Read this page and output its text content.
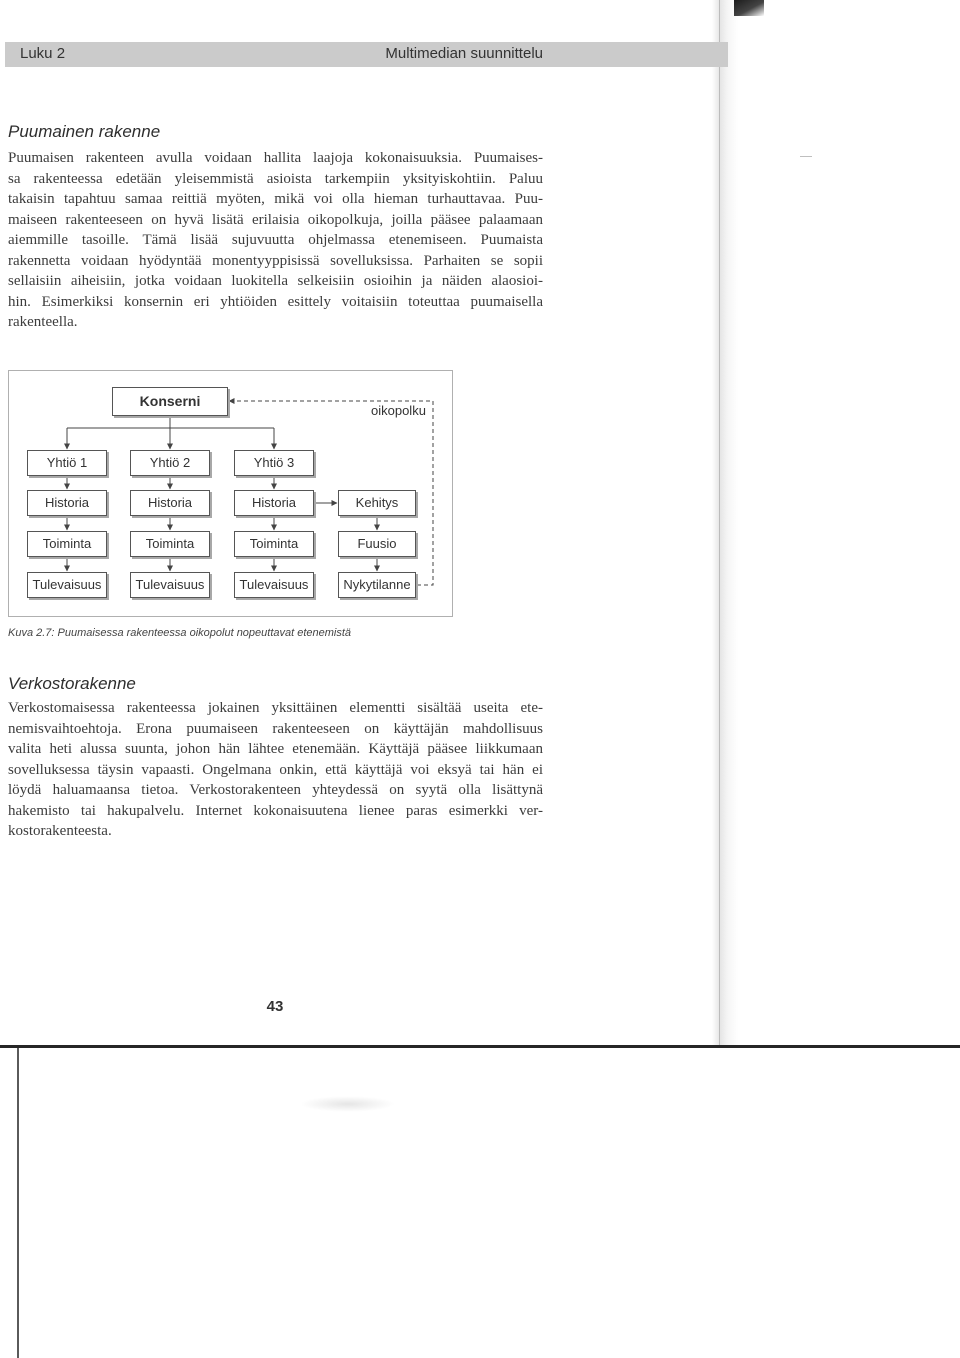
Luku 2	Multimedian suunnittelu
Puumainen rakenne
Puumaisen rakenteen avulla voidaan hallita laajoja kokonaisuuksia. Puumaises-
sa rakenteessa edetään yleisemmistä asioista tarkempiin yksityiskohtiin. Paluu
takaisin tapahtuu samaa reittiä myöten, mikä voi olla hieman turhauttavaa. Puu-
maiseen rakenteeseen on hyvä lisätä erilaisia oikopolkuja, joilla pääsee palaamaan
aiemmille tasoille. Tämä lisää sujuvuutta ohjelmassa etenemiseen. Puumaista
rakennetta voidaan hyödyntää monentyyppisissä sovelluksissa. Parhaiten se sopii
sellaisiin aiheisiin, jotka voidaan luokitella selkeisiin osioihin ja näiden alaosioi-
hin. Esimerkiksi konsernin eri yhtiöiden esittely voitaisiin toteuttaa puumaisella
rakenteella.
Konserni
oikopolku
Yhtiö 1
Historia
Toiminta
Tulevaisuus
Yhtiö 2
Historia
Toiminta
Tulevaisuus
Yhtiö 3
Historia
Toiminta
Tulevaisuus
Kehitys
Fuusio
Nykytilanne
Kuva 2.7: Puumaisessa rakenteessa oikopolut nopeuttavat etenemistä
Verkostorakenne
Verkostomaisessa rakenteessa jokainen yksittäinen elementti sisältää useita ete-
nemisvaihtoehtoja. Erona puumaiseen rakenteeseen on käyttäjän mahdollisuus
valita heti alussa suunta, johon hän lähtee etenemään. Käyttäjä pääsee liikkumaan
sovelluksessa täysin vapaasti. Ongelmana onkin, että käyttäjä voi eksyä tai hän ei
löydä haluamaansa tietoa. Verkostorakenteen yhteydessä on syytä olla lisättynä
hakemisto tai hakupalvelu. Internet kokonaisuutena lienee paras esimerkki ver-
kostorakenteesta.
43
